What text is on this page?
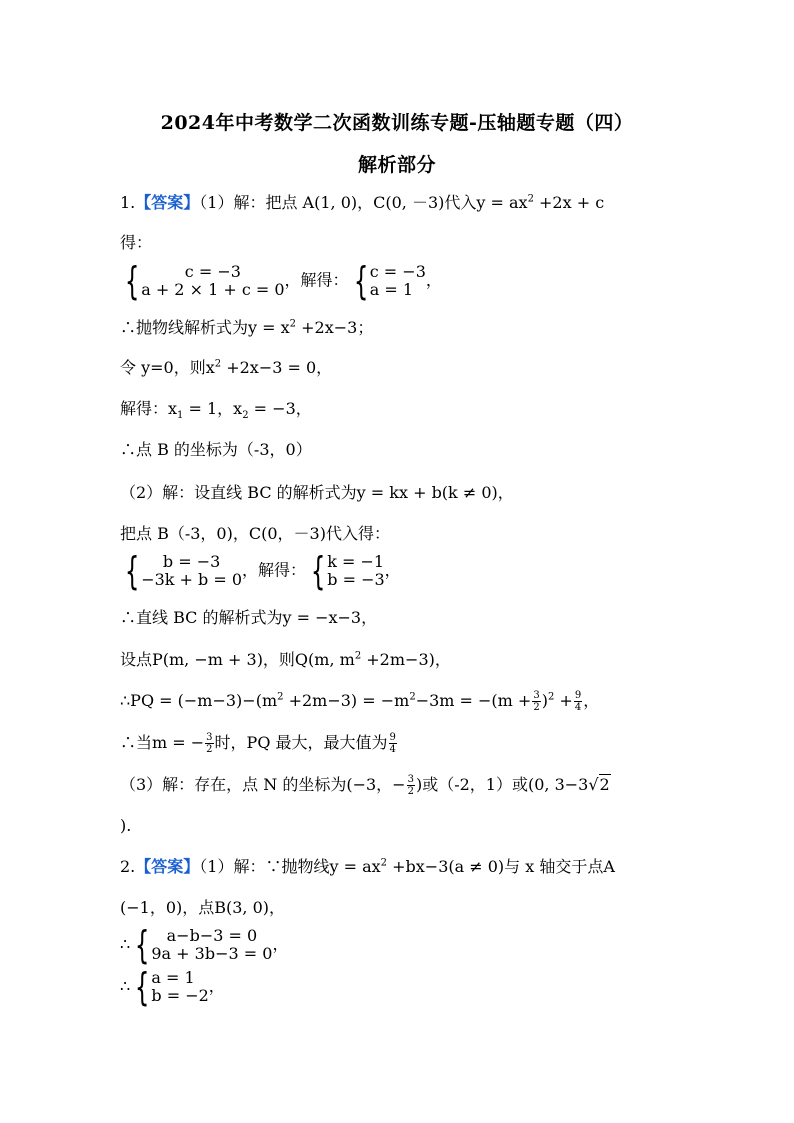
2024年中考数学二次函数训练专题-压轴题专题（四）
解析部分
1.【答案】（1）解：把点 A(1, 0)，C(0, －3)代入$y = ax^2 +2x + c$
得：
{	c = −3
a + 2 × 1 + c = 0 ，解得： { c = −3
a = 1 ，
∴抛物线解析式为$y = x^2 +2x-3$；
令 y=0，则$x^2 +2x-3 = 0$，
解得：$x_1 = 1$，$x_2 = -3$，
∴点 B 的坐标为（-3，0）
（2）解：设直线 BC 的解析式为y = kx + b(k ≠ 0)，
把点 B（-3，0)，C(0，－3)代入得：
{	b = −3
−3k + b = 0 ，解得： { k = −1
b = −3 ，
∴直线 BC 的解析式为y = −x−3，
设点P(m, −m + 3)，则Q(m, $m^2 +2m-3$)，
∴PQ = $(-m-3)-(m^2 +2m-3) = -m^2-3m = -(m + \frac{3}{2} )^2 + \frac{9}{4}$ ，
∴当m = − $\frac{3}{2}$ 时，PQ 最大，最大值为 $\frac{9}{4}$
（3）解：存在，点 N 的坐标为(−3，− $\frac{3}{2}$ )或（-2，1）或(0, 3−3√2
).
2.【答案】（1）解：∵抛物线$y = ax^2 +bx-3(a \ne 0)$与 x 轴交于点A
(−1，0)，点B(3, 0)，
∴ {	a−b−3 = 0
9a + 3b−3 = 0 ，
∴ { a = 1
b = −2 ，
